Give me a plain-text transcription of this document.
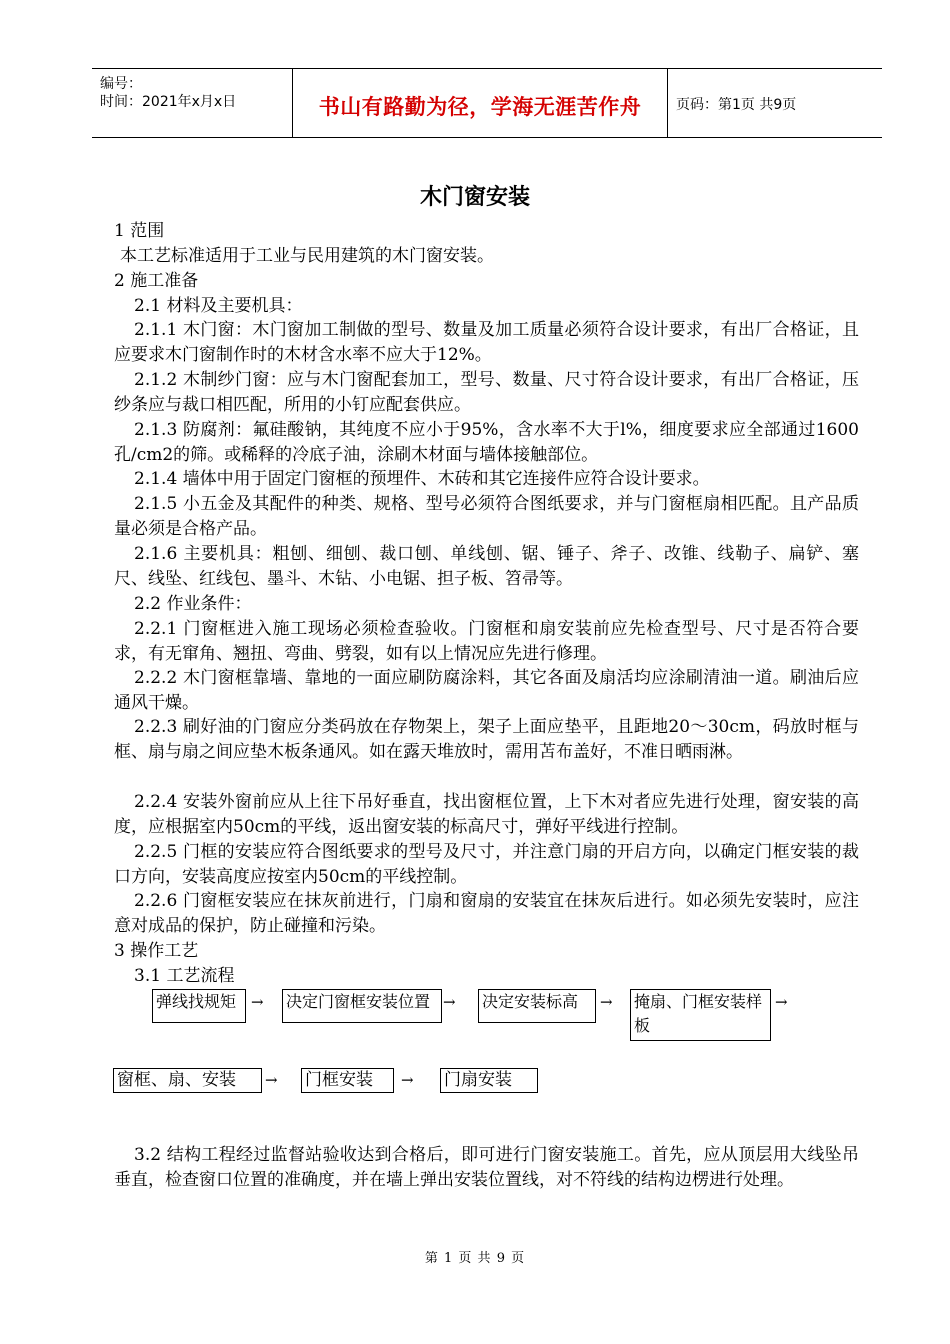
编号：
时间：2021年x月x日	书山有路勤为径，学海无涯苦作舟	页码：第1页 共9页
木门窗安装

1 范围

本工艺标准适用于工业与民用建筑的木门窗安装。

2 施工准备

2.1 材料及主要机具：

2.1.1 木门窗：木门窗加工制做的型号、数量及加工质量必须符合设计要求，有出厂合格证，且应要求木门窗制作时的木材含水率不应大于12%。

2.1.2 木制纱门窗：应与木门窗配套加工，型号、数量、尺寸符合设计要求，有出厂合格证，压纱条应与裁口相匹配，所用的小钉应配套供应。

2.1.3 防腐剂：氟硅酸钠，其纯度不应小于95%，含水率不大于l%，细度要求应全部通过1600孔/cm2的筛。或稀释的冷底子油，涂刷木材面与墙体接触部位。

2.1.4 墙体中用于固定门窗框的预埋件、木砖和其它连接件应符合设计要求。

2.1.5 小五金及其配件的种类、规格、型号必须符合图纸要求，并与门窗框扇相匹配。且产品质量必须是合格产品。

2.1.6 主要机具：粗刨、细刨、裁口刨、单线刨、锯、锤子、斧子、改锥、线勒子、扁铲、塞尺、线坠、红线包、墨斗、木钻、小电锯、担子板、笤帚等。

2.2 作业条件：

2.2.1 门窗框进入施工现场必须检查验收。门窗框和扇安装前应先检查型号、尺寸是否符合要求，有无窜角、翘扭、弯曲、劈裂，如有以上情况应先进行修理。

2.2.2 木门窗框靠墙、靠地的一面应刷防腐涂料，其它各面及扇活均应涂刷清油一道。刷油后应通风干燥。

2.2.3 刷好油的门窗应分类码放在存物架上，架子上面应垫平，且距地20～30cm，码放时框与框、扇与扇之间应垫木板条通风。如在露天堆放时，需用苫布盖好，不准日晒雨淋。

2.2.4 安装外窗前应从上往下吊好垂直，找出窗框位置，上下木对者应先进行处理，窗安装的高度，应根据室内50cm的平线，返出窗安装的标高尺寸，弹好平线进行控制。

2.2.5 门框的安装应符合图纸要求的型号及尺寸，并注意门扇的开启方向，以确定门框安装的裁口方向，安装高度应按室内50cm的平线控制。

2.2.6 门窗框安装应在抹灰前进行，门扇和窗扇的安装宜在抹灰后进行。如必须先安装时，应注意对成品的保护，防止碰撞和污染。

3 操作工艺

3.1 工艺流程

弹线找规矩 → 决定门窗框安装位置 → 决定安装标高	→ 掩扇、门框安装样板
→
窗框、扇、安装	→ 门框安装	→ 门扇安装

3.2 结构工程经过监督站验收达到合格后，即可进行门窗安装施工。首先，应从顶层用大线坠吊垂直，检查窗口位置的准确度，并在墙上弹出安装位置线，对不符线的结构边楞进行处理。

第 1 页 共 9 页
